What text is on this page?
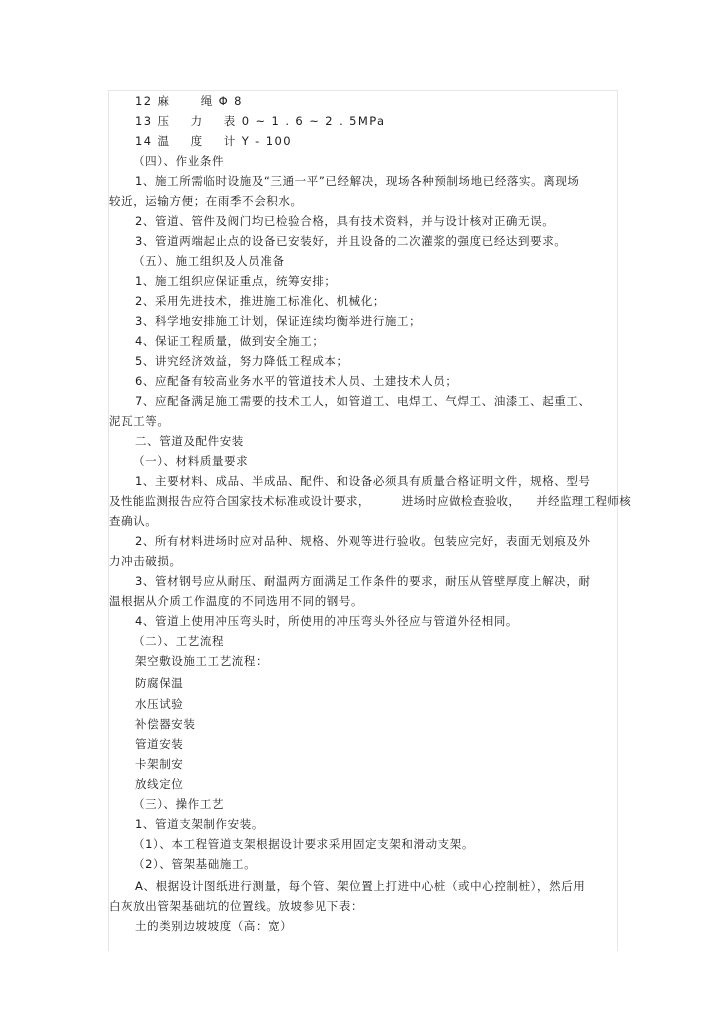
12 麻      绳 Φ 8
13 压    力    表 0 ~ 1 . 6 ~ 2 . 5MPa
14 温    度    计 Y - 100
（四）、作业条件
1、施工所需临时设施及“三通一平”已经解决，现场各种预制场地已经落实。离现场
较近，运输方便；在雨季不会积水。
2、管道、管件及阀门均已检验合格，具有技术资料，并与设计核对正确无误。
3、管道两端起止点的设备已安装好，并且设备的二次灌浆的强度已经达到要求。
（五）、施工组织及人员准备
1、施工组织应保证重点，统筹安排；
2、采用先进技术，推进施工标准化、机械化；
3、科学地安排施工计划，保证连续均衡举进行施工；
4、保证工程质量，做到安全施工；
5、讲究经济效益，努力降低工程成本；
6、应配备有较高业务水平的管道技术人员、土建技术人员；
7、应配备满足施工需要的技术工人，如管道工、电焊工、气焊工、油漆工、起重工、
泥瓦工等。
二、管道及配件安装
（一）、材料质量要求
1、主要材料、成品、半成品、配件、和设备必须具有质量合格证明文件，规格、型号
及性能监测报告应符合国家技术标准或设计要求，        进场时应做检查验收，    并经监理工程师核
查确认。
2、所有材料进场时应对品种、规格、外观等进行验收。包装应完好，表面无划痕及外
力冲击破损。
3、管材钢号应从耐压、耐温两方面满足工作条件的要求，耐压从管壁厚度上解决，耐
温根据从介质工作温度的不同选用不同的钢号。
4、管道上使用冲压弯头时，所使用的冲压弯头外径应与管道外径相同。
（二）、工艺流程
架空敷设施工工艺流程：
防腐保温
水压试验
补偿器安装
管道安装
卡架制安
放线定位
（三）、操作工艺
1、管道支架制作安装。
（1）、本工程管道支架根据设计要求采用固定支架和滑动支架。
（2）、管架基础施工。
A、根据设计图纸进行测量，每个管、架位置上打进中心桩（或中心控制桩），然后用
白灰放出管架基础坑的位置线。放坡参见下表：
土的类别边坡坡度（高：宽）
